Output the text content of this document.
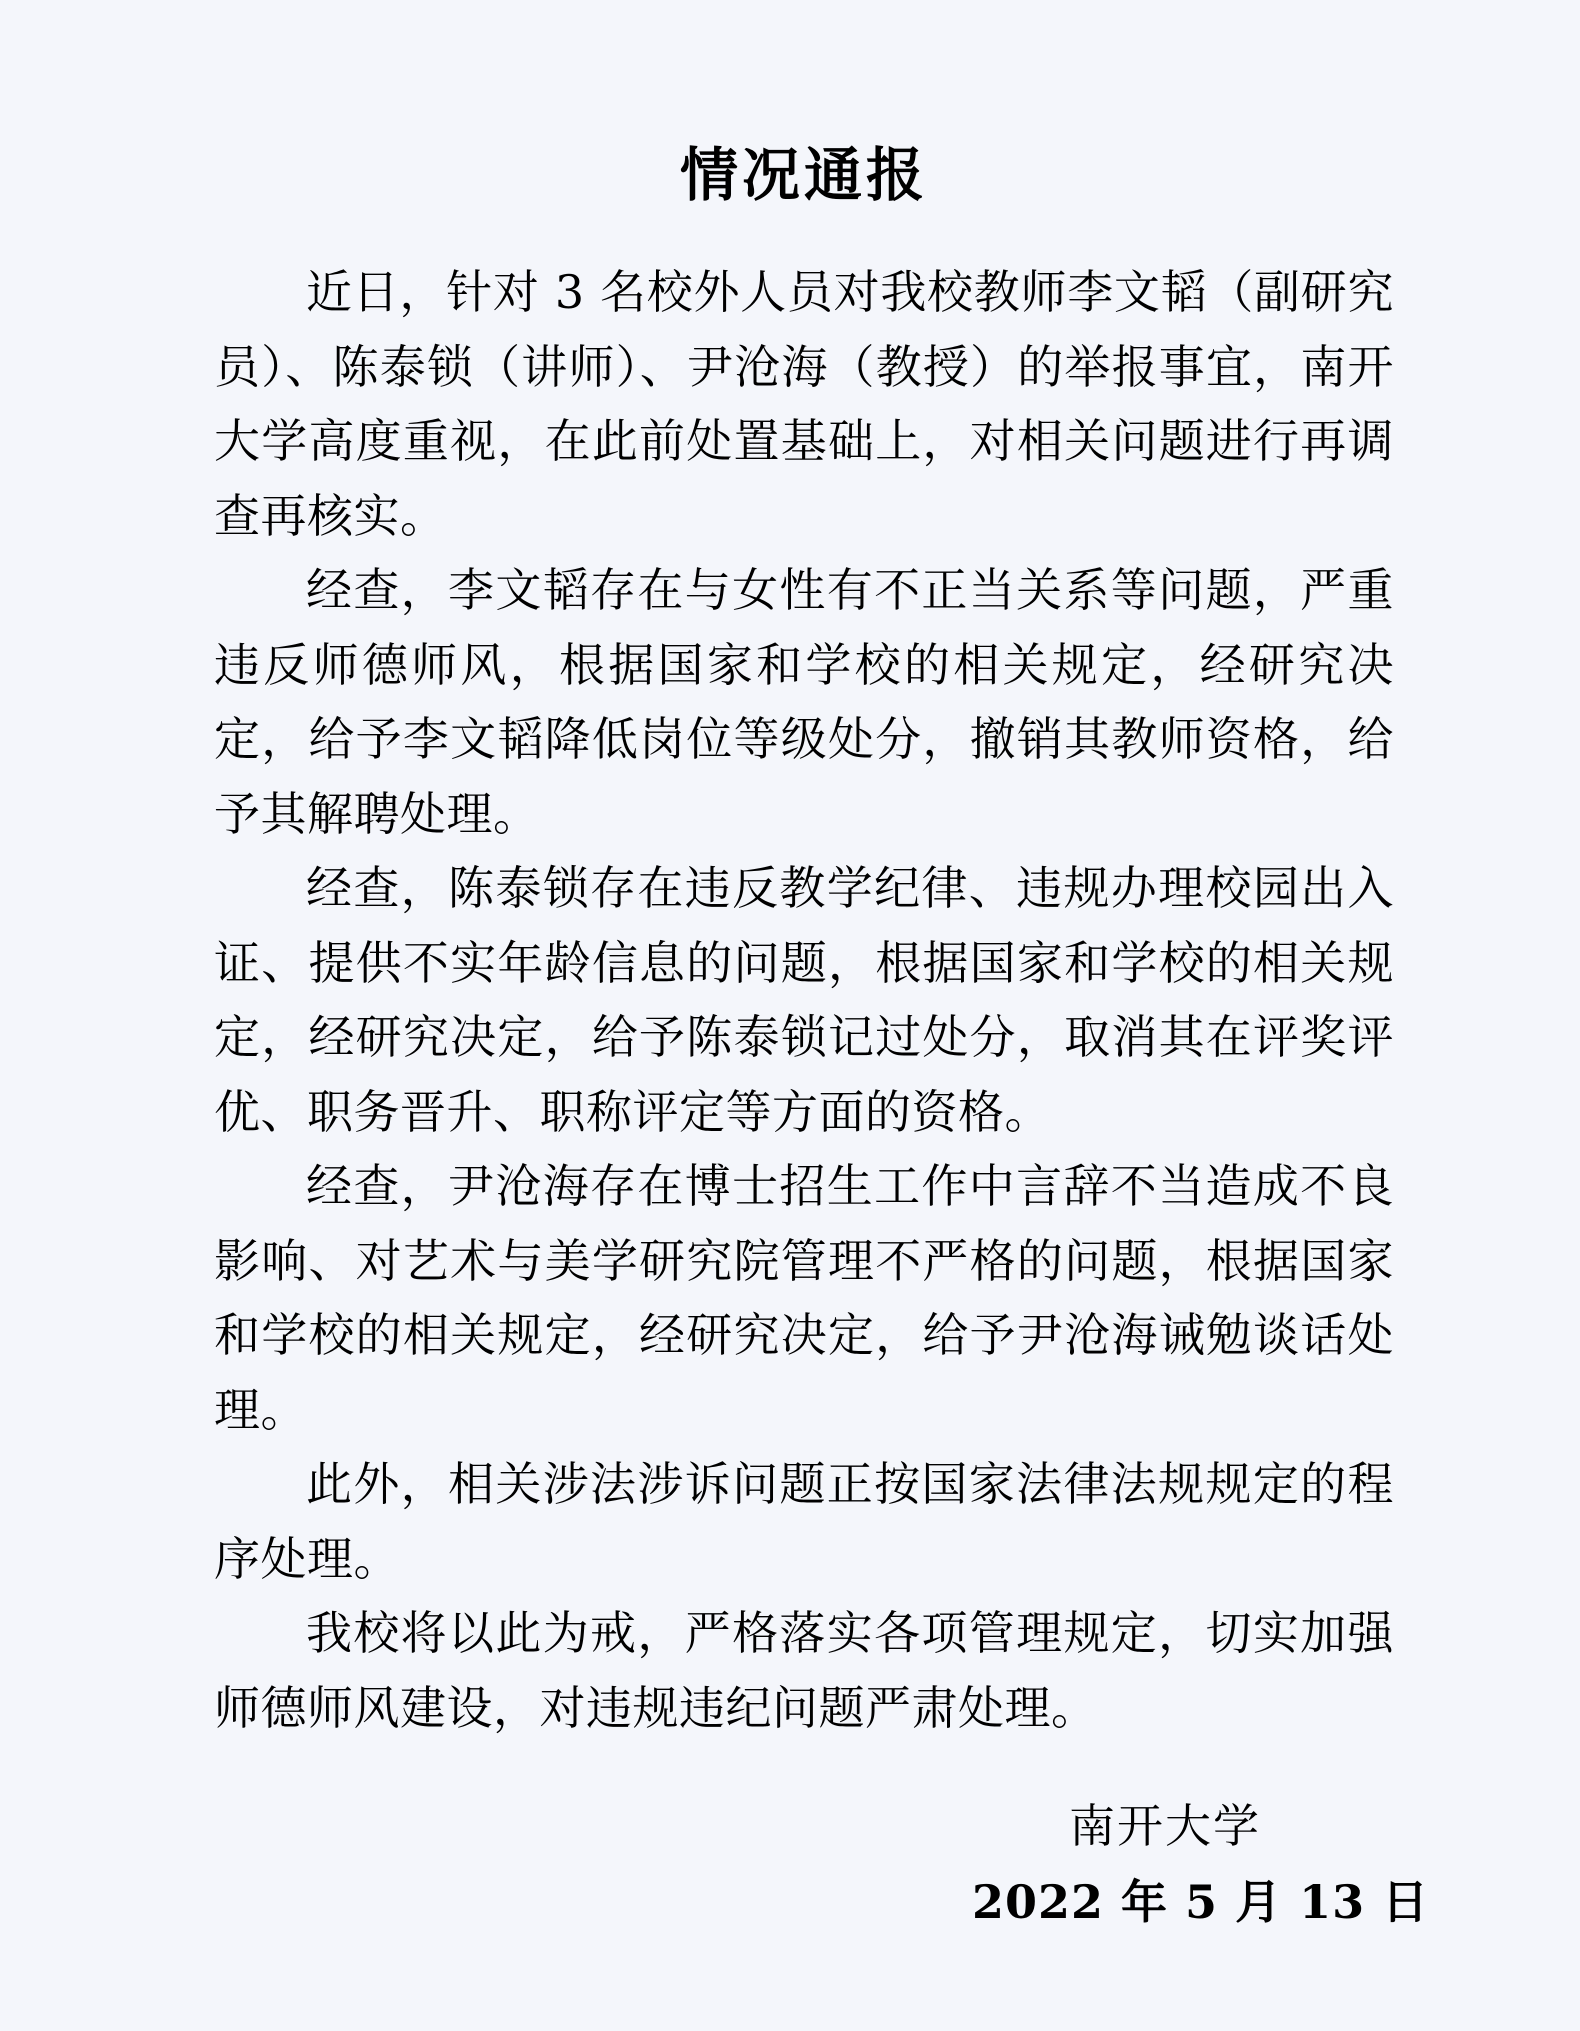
情况通报

近日，针对 3 名校外人员对我校教师李文韬（副研究员）、陈泰锁（讲师）、尹沧海（教授）的举报事宜，南开大学高度重视，在此前处置基础上，对相关问题进行再调查再核实。

经查，李文韬存在与女性有不正当关系等问题，严重违反师德师风，根据国家和学校的相关规定，经研究决定，给予李文韬降低岗位等级处分，撤销其教师资格，给予其解聘处理。

经查，陈泰锁存在违反教学纪律、违规办理校园出入证、提供不实年龄信息的问题，根据国家和学校的相关规定，经研究决定，给予陈泰锁记过处分，取消其在评奖评优、职务晋升、职称评定等方面的资格。

经查，尹沧海存在博士招生工作中言辞不当造成不良影响、对艺术与美学研究院管理不严格的问题，根据国家和学校的相关规定，经研究决定，给予尹沧海诫勉谈话处理。

此外，相关涉法涉诉问题正按国家法律法规规定的程序处理。

我校将以此为戒，严格落实各项管理规定，切实加强师德师风建设，对违规违纪问题严肃处理。

南开大学
2022 年 5 月 13 日
